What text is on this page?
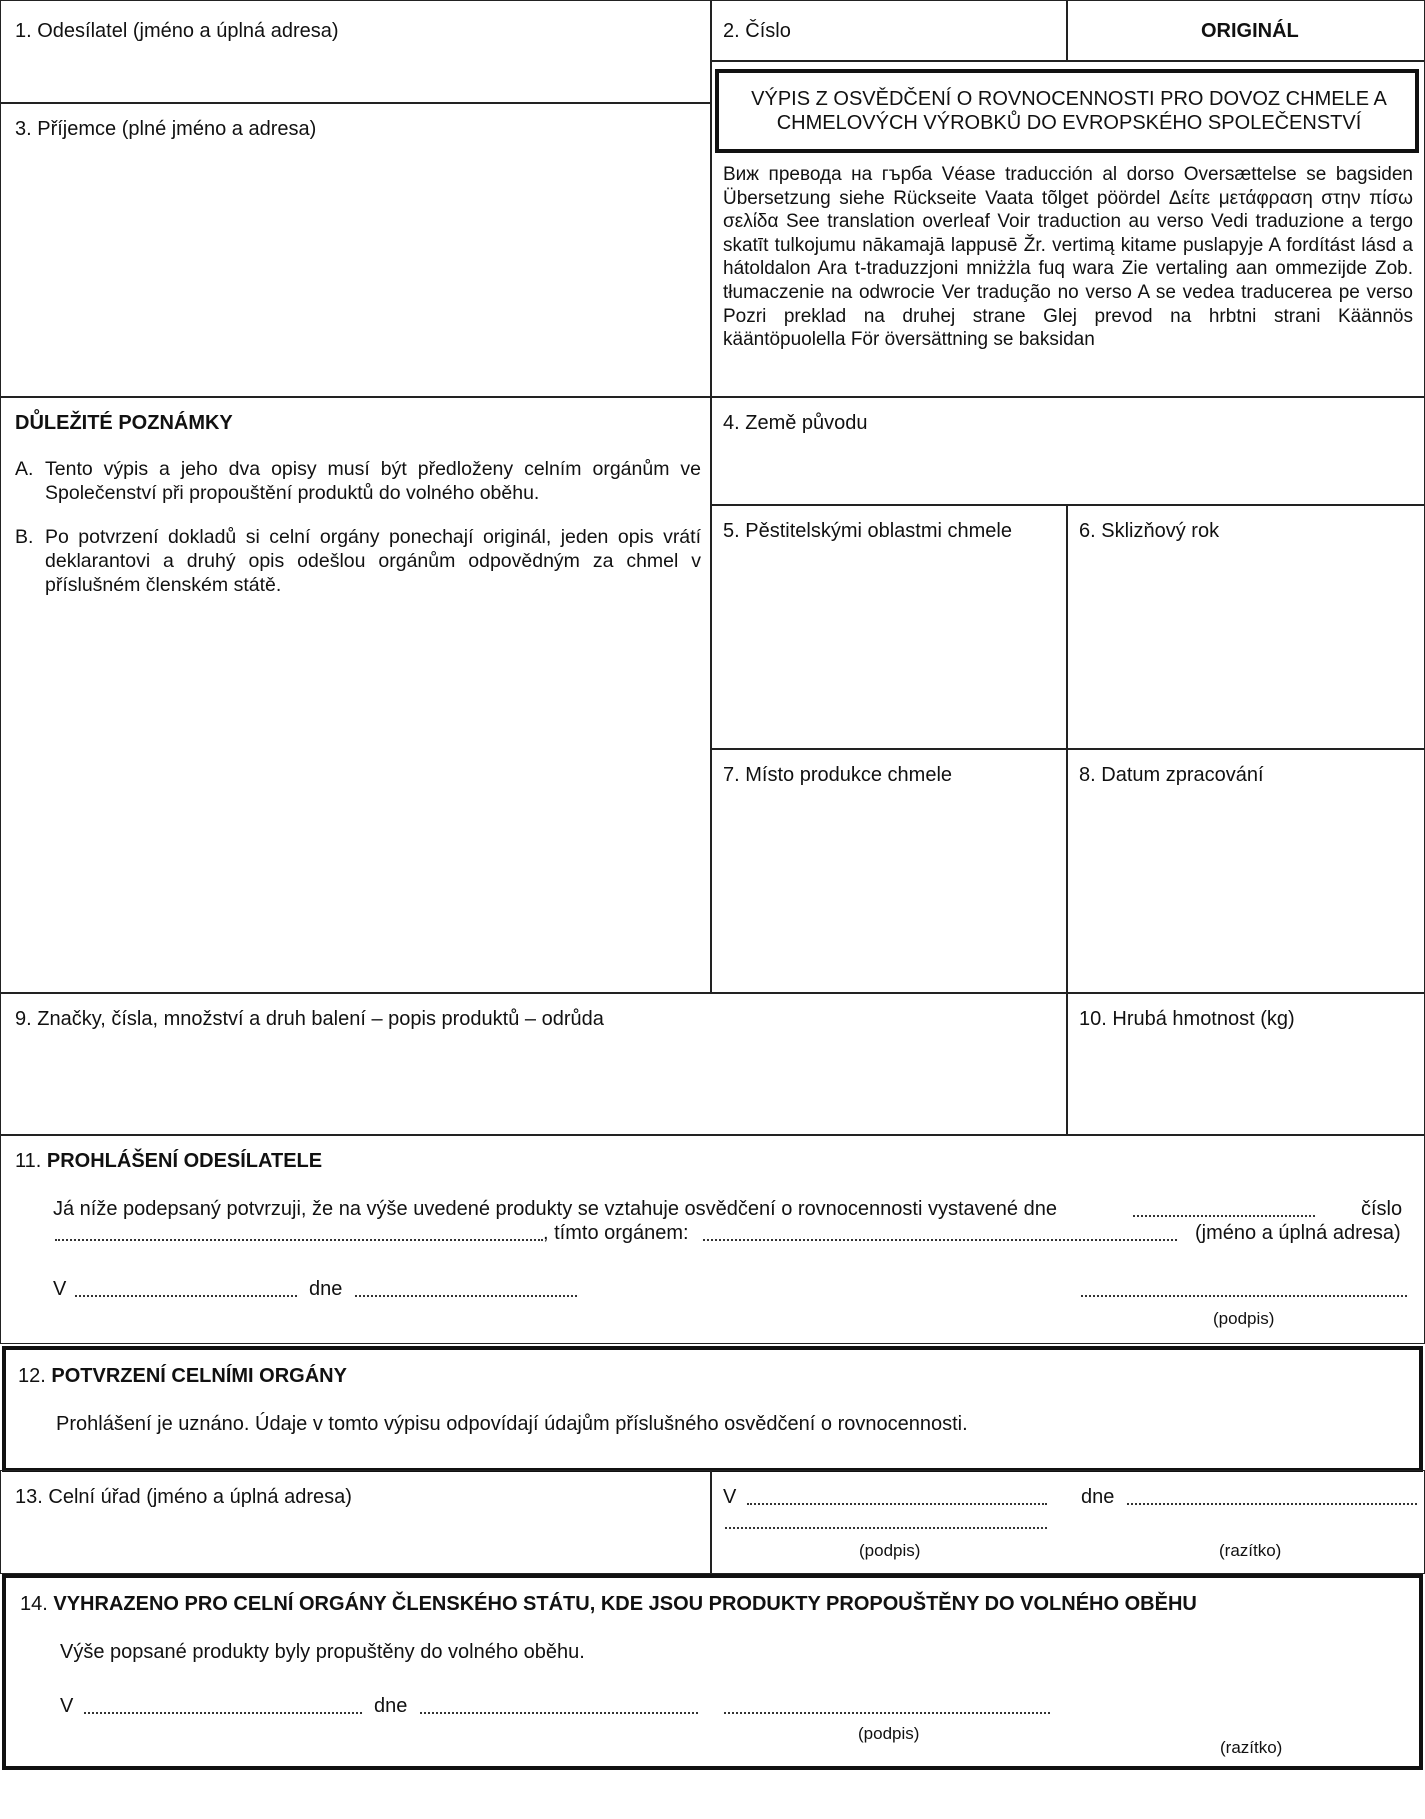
1. Odesílatel (jméno a úplná adresa)	2. Číslo	ORIGINÁL
3. Příjemce (plné jméno a adresa)
VÝPIS Z OSVĚDČENÍ O ROVNOCENNOSTI PRO DOVOZ CHMELE A CHMELOVÝCH VÝROBKŮ DO EVROPSKÉHO SPOLEČENSTVÍ
Виж превода на гърба Véase traducción al dorso Oversættelse se bagsiden Übersetzung siehe Rückseite Vaata tõlget pöördel Δείτε μετάφραση στην πίσω σελίδα See translation overleaf Voir traduction au verso Vedi traduzione a tergo skatīt tulkojumu nākamajā lappusē Žr. vertimą kitame puslapyje A fordítást lásd a hátoldalon Ara t-traduzzjoni mniżżla fuq wara Zie vertaling aan ommezijde Zob. tłumaczenie na odwrocie Ver tradução no verso A se vedea traducerea pe verso Pozri preklad na druhej strane Glej prevod na hrbtni strani Käännös kääntöpuolella För översättning se baksidan
DŮLEŽITÉ POZNÁMKY
A. Tento výpis a jeho dva opisy musí být předloženy celním orgánům ve Společenství při propouštění produktů do volného oběhu.
B. Po potvrzení dokladů si celní orgány ponechají originál, jeden opis vrátí deklarantovi a druhý opis odešlou orgánům odpovědným za chmel v příslušném členském státě.
4. Země původu
5. Pěstitelskými oblastmi chmele	6. Sklizňový rok
7. Místo produkce chmele	8. Datum zpracování
9. Značky, čísla, množství a druh balení – popis produktů – odrůda	10. Hrubá hmotnost (kg)
11. PROHLÁŠENÍ ODESÍLATELE
Já níže podepsaný potvrzuji, že na výše uvedené produkty se vztahuje osvědčení o rovnocennosti vystavené dne	číslo
, tímto orgánem:	(jméno a úplná adresa)
V	dne
(podpis)
12. POTVRZENÍ CELNÍMI ORGÁNY
Prohlášení je uznáno. Údaje v tomto výpisu odpovídají údajům příslušného osvědčení o rovnocennosti.
13. Celní úřad (jméno a úplná adresa)	V	dne
(podpis)	(razítko)
14. VYHRAZENO PRO CELNÍ ORGÁNY ČLENSKÉHO STÁTU, KDE JSOU PRODUKTY PROPOUŠTĚNY DO VOLNÉHO OBĚHU
Výše popsané produkty byly propuštěny do volného oběhu.
V	dne
(podpis)
(razítko)
